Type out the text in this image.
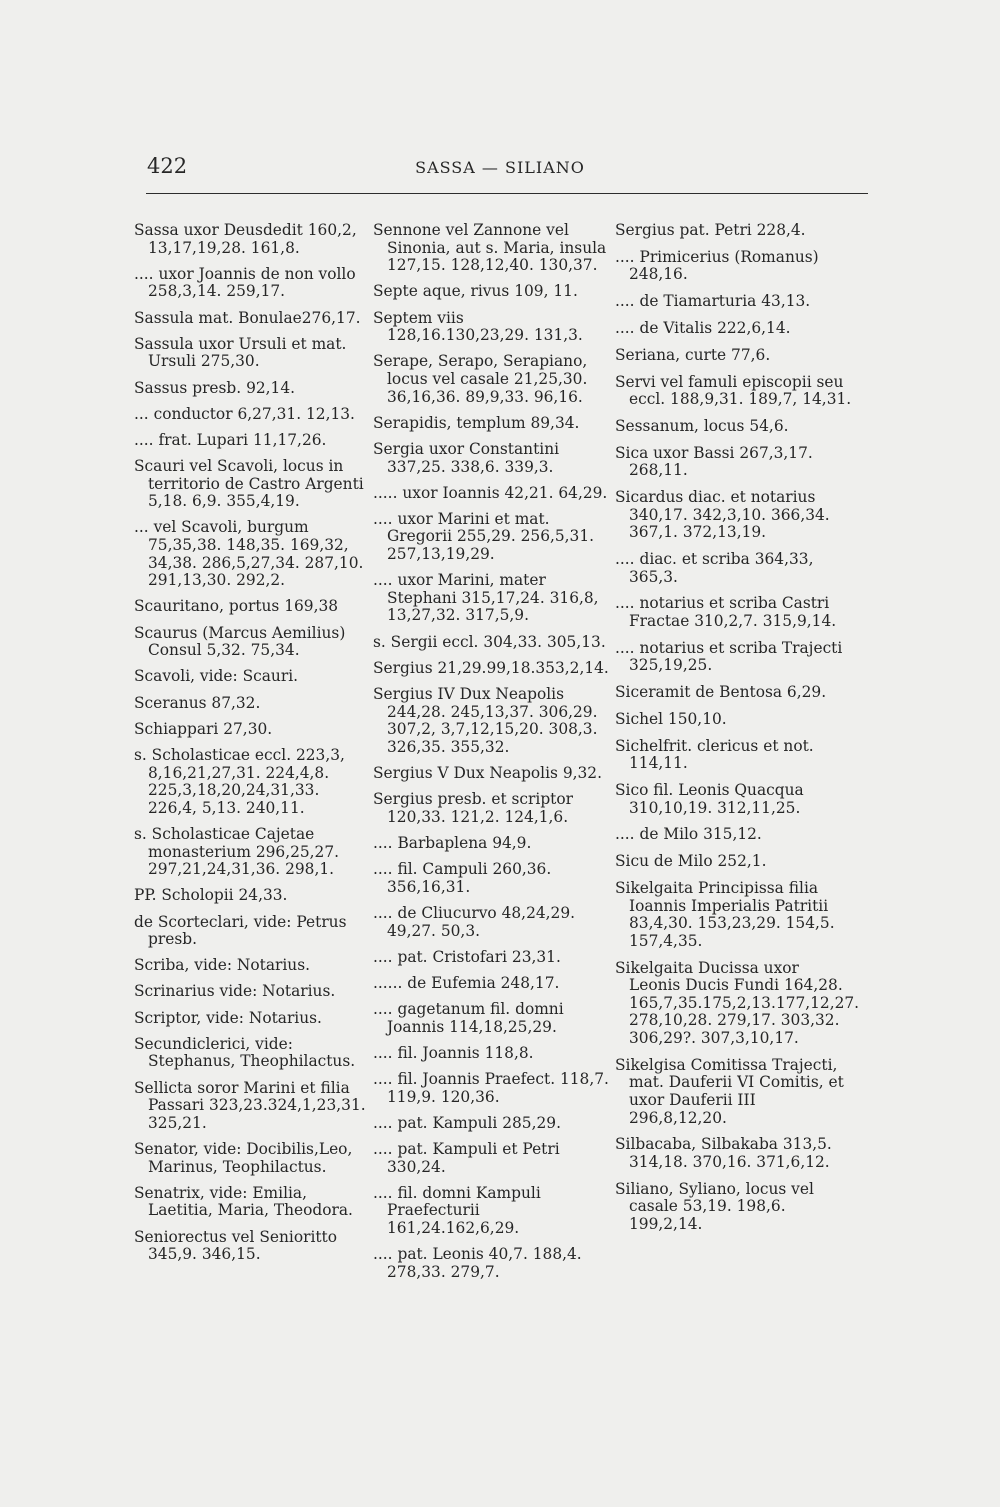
422	SASSA — SILIANO
Sassa uxor Deusdedit 160,2, 13,17,19,28. 161,8.
.... uxor Joannis de non vollo 258,3,14. 259,17.
Sassula mat. Bonulae276,17.
Sassula uxor Ursuli et mat. Ursuli 275,30.
Sassus presb. 92,14.
... conductor 6,27,31. 12,13.
.... frat. Lupari 11,17,26.
Scauri vel Scavoli, locus in territorio de Castro Argenti 5,18. 6,9. 355,4,19.
... vel Scavoli, burgum 75,35,38. 148,35. 169,32, 34,38. 286,5,27,34. 287,10. 291,13,30. 292,2.
Scauritano, portus 169,38
Scaurus (Marcus Aemilius) Consul 5,32. 75,34.
Scavoli, vide: Scauri.
Sceranus 87,32.
Schiappari 27,30.
s. Scholasticae eccl. 223,3, 8,16,21,27,31. 224,4,8. 225,3,18,20,24,31,33. 226,4, 5,13. 240,11.
s. Scholasticae Cajetae monasterium 296,25,27. 297,21,24,31,36. 298,1.
PP. Scholopii 24,33.
de Scorteclari, vide: Petrus presb.
Scriba, vide: Notarius.
Scrinarius vide: Notarius.
Scriptor, vide: Notarius.
Secundiclerici, vide: Stephanus, Theophilactus.
Sellicta soror Marini et filia Passari 323,23.324,1,23,31. 325,21.
Senator, vide: Docibilis,Leo, Marinus, Teophilactus.
Senatrix, vide: Emilia, Laetitia, Maria, Theodora.
Seniorectus vel Senioritto 345,9. 346,15.
Sennone vel Zannone vel Sinonia, aut s. Maria, insula 127,15. 128,12,40. 130,37.
Septe aque, rivus 109, 11.
Septem viis 128,16.130,23,29. 131,3.
Serape, Serapo, Serapiano, locus vel casale 21,25,30. 36,16,36. 89,9,33. 96,16.
Serapidis, templum 89,34.
Sergia uxor Constantini 337,25. 338,6. 339,3.
..... uxor Ioannis 42,21. 64,29.
.... uxor Marini et mat. Gregorii 255,29. 256,5,31. 257,13,19,29.
.... uxor Marini, mater Stephani 315,17,24. 316,8, 13,27,32. 317,5,9.
s. Sergii eccl. 304,33. 305,13.
Sergius 21,29.99,18.353,2,14.
Sergius IV Dux Neapolis 244,28. 245,13,37. 306,29. 307,2, 3,7,12,15,20. 308,3. 326,35. 355,32.
Sergius V Dux Neapolis 9,32.
Sergius presb. et scriptor 120,33. 121,2. 124,1,6.
.... Barbaplena 94,9.
.... fil. Campuli 260,36. 356,16,31.
.... de Cliucurvo 48,24,29. 49,27. 50,3.
.... pat. Cristofari 23,31.
...... de Eufemia 248,17.
.... gagetanum fil. domni Joannis 114,18,25,29.
.... fil. Joannis 118,8.
.... fil. Joannis Praefect. 118,7. 119,9. 120,36.
.... pat. Kampuli 285,29.
.... pat. Kampuli et Petri 330,24.
.... fil. domni Kampuli Praefecturii 161,24.162,6,29.
.... pat. Leonis 40,7. 188,4. 278,33. 279,7.
Sergius pat. Petri 228,4.
.... Primicerius (Romanus) 248,16.
.... de Tiamarturia 43,13.
.... de Vitalis 222,6,14.
Seriana, curte 77,6.
Servi vel famuli episcopii seu eccl. 188,9,31. 189,7, 14,31.
Sessanum, locus 54,6.
Sica uxor Bassi 267,3,17. 268,11.
Sicardus diac. et notarius 340,17. 342,3,10. 366,34. 367,1. 372,13,19.
.... diac. et scriba 364,33, 365,3.
.... notarius et scriba Castri Fractae 310,2,7. 315,9,14.
.... notarius et scriba Trajecti 325,19,25.
Siceramit de Bentosa 6,29.
Sichel 150,10.
Sichelfrit. clericus et not. 114,11.
Sico fil. Leonis Quacqua 310,10,19. 312,11,25.
.... de Milo 315,12.
Sicu de Milo 252,1.
Sikelgaita Principissa filia Ioannis Imperialis Patritii 83,4,30. 153,23,29. 154,5. 157,4,35.
Sikelgaita Ducissa uxor Leonis Ducis Fundi 164,28. 165,7,35.175,2,13.177,12,27. 278,10,28. 279,17. 303,32. 306,29?. 307,3,10,17.
Sikelgisa Comitissa Trajecti, mat. Dauferii VI Comitis, et uxor Dauferii III 296,8,12,20.
Silbacaba, Silbakaba 313,5. 314,18. 370,16. 371,6,12.
Siliano, Syliano, locus vel casale 53,19. 198,6. 199,2,14.
